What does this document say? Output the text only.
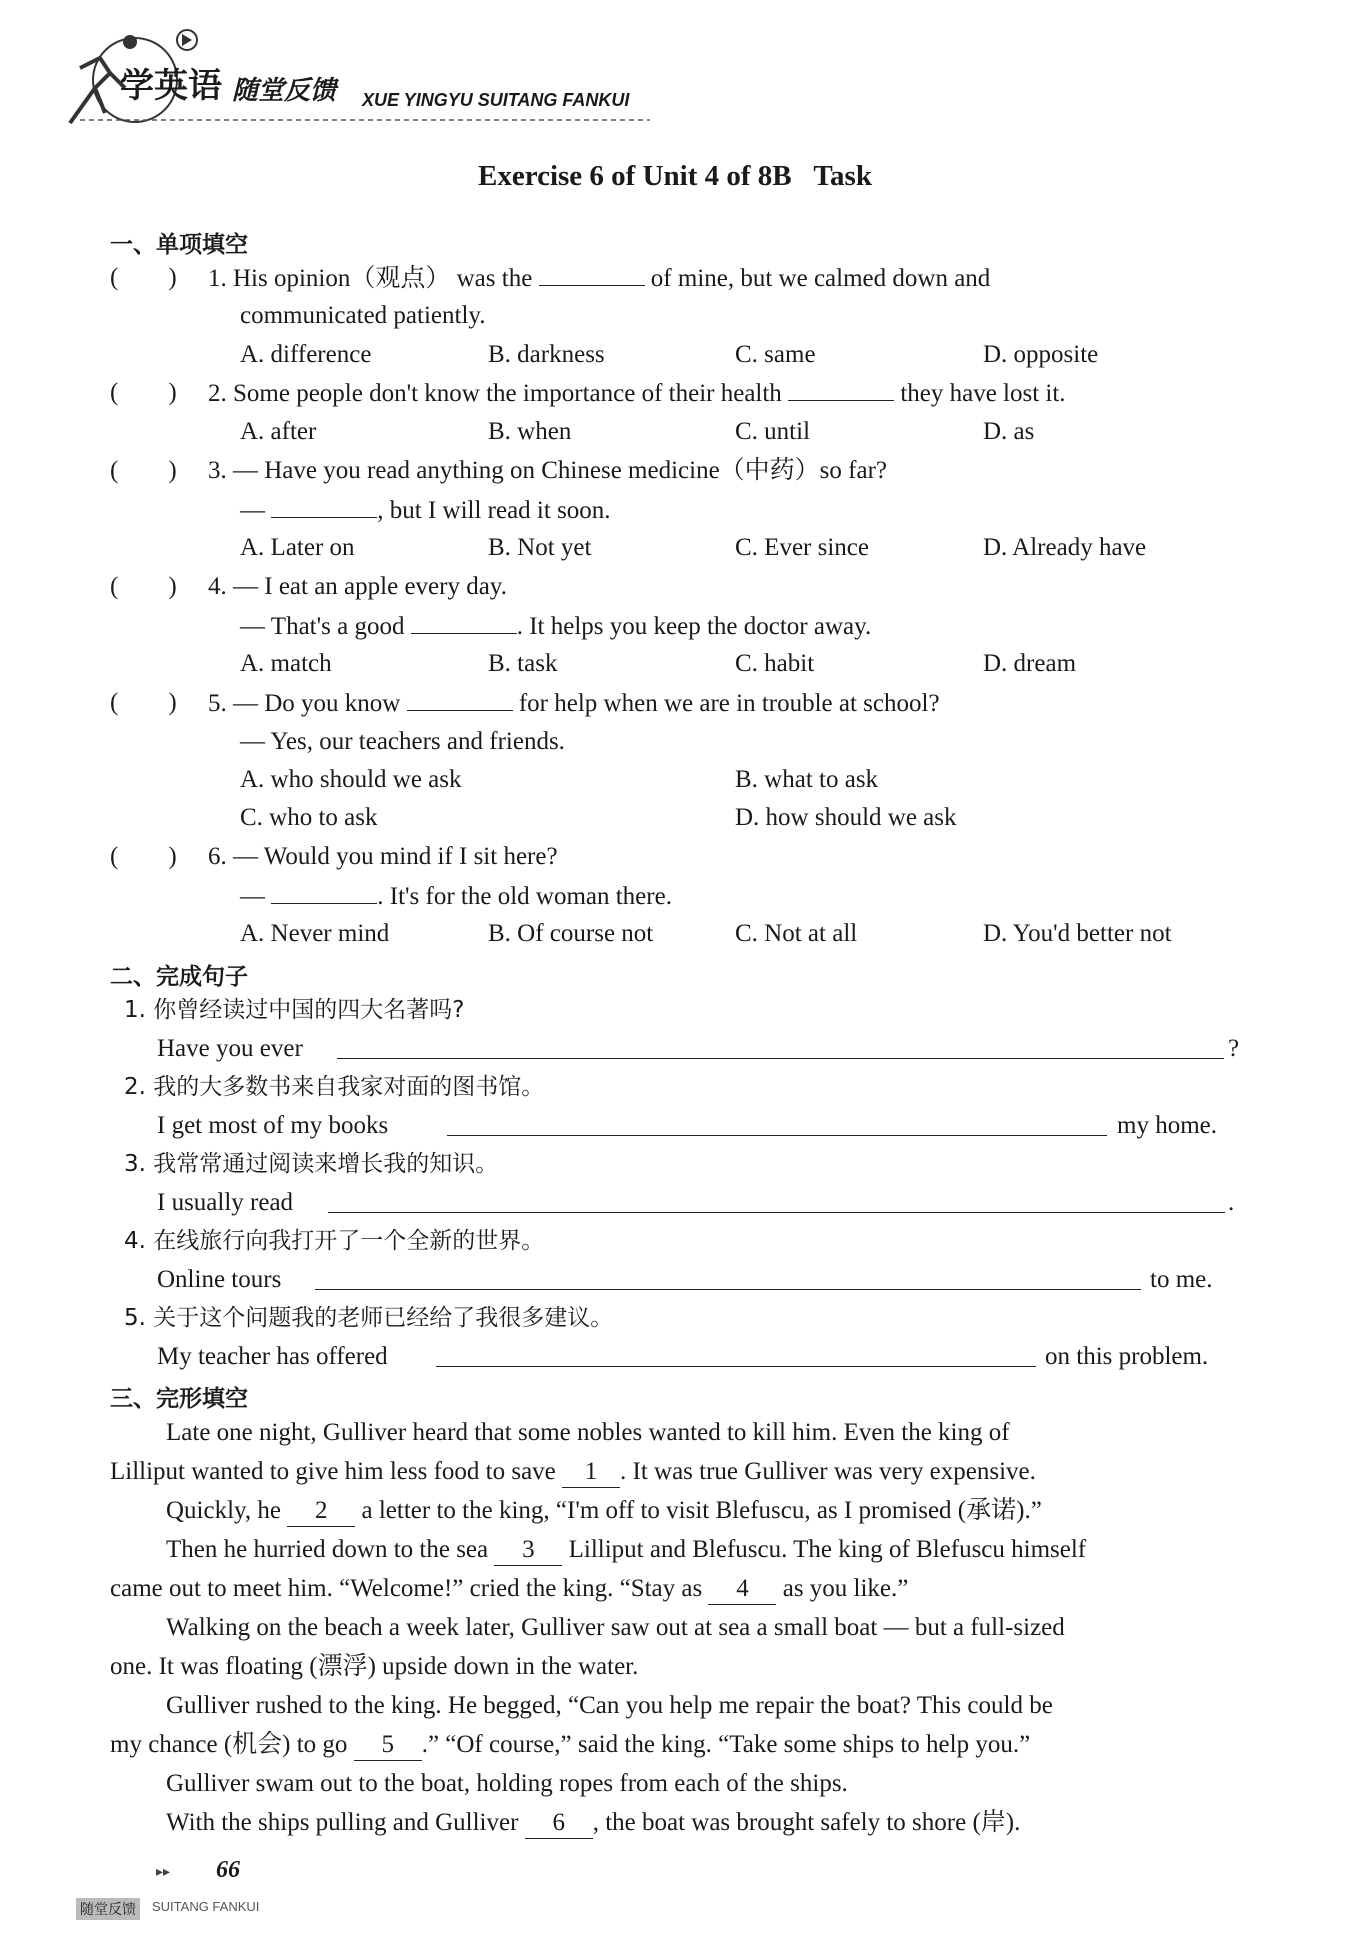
学英语 随堂反馈 XUE YINGYU SUITANG FANKUI
Exercise 6 of Unit 4 of 8B Task
一、单项填空
(        ) 1. His opinion（观点） was the	of mine, but we calmed down and
communicated patiently.
A. difference	B. darkness	C. same	D. opposite
(        ) 2. Some people don't know the importance of their health	they have lost it.
A. after	B. when	C. until	D. as
(        ) 3. — Have you read anything on Chinese medicine（中药）so far?
—	, but I will read it soon.
A. Later on	B. Not yet	C. Ever since	D. Already have
(        ) 4. — I eat an apple every day.
— That's a good	. It helps you keep the doctor away.
A. match	B. task	C. habit	D. dream
(        ) 5. — Do you know	for help when we are in trouble at school?
— Yes, our teachers and friends.
A. who should we ask	B. what to ask
C. who to ask	D. how should we ask
(        ) 6. — Would you mind if I sit here?
—	. It's for the old woman there.
A. Never mind	B. Of course not	C. Not at all	D. You'd better not
二、完成句子
1. 你曾经读过中国的四大名著吗?
Have you ever	?
2. 我的大多数书来自我家对面的图书馆。
I get most of my books	my home.
3. 我常常通过阅读来增长我的知识。
I usually read	.
4. 在线旅行向我打开了一个全新的世界。
Online tours	to me.
5. 关于这个问题我的老师已经给了我很多建议。
My teacher has offered	on this problem.
三、完形填空
Late one night, Gulliver heard that some nobles wanted to kill him. Even the king of
Lilliput wanted to give him less food to save 1 . It was true Gulliver was very expensive.
Quickly, he 2 a letter to the king, “I'm off to visit Blefuscu, as I promised (承诺).”
Then he hurried down to the sea 3 Lilliput and Blefuscu. The king of Blefuscu himself
came out to meet him. “Welcome!” cried the king. “Stay as 4 as you like.”
Walking on the beach a week later, Gulliver saw out at sea a small boat — but a full-sized
one. It was floating (漂浮) upside down in the water.
Gulliver rushed to the king. He begged, “Can you help me repair the boat? This could be
my chance (机会) to go 5 .” “Of course,” said the king. “Take some ships to help you.”
Gulliver swam out to the boat, holding ropes from each of the ships.
With the ships pulling and Gulliver 6 , the boat was brought safely to shore (岸).
▸▸ 66
随堂反馈	SUITANG FANKUI
